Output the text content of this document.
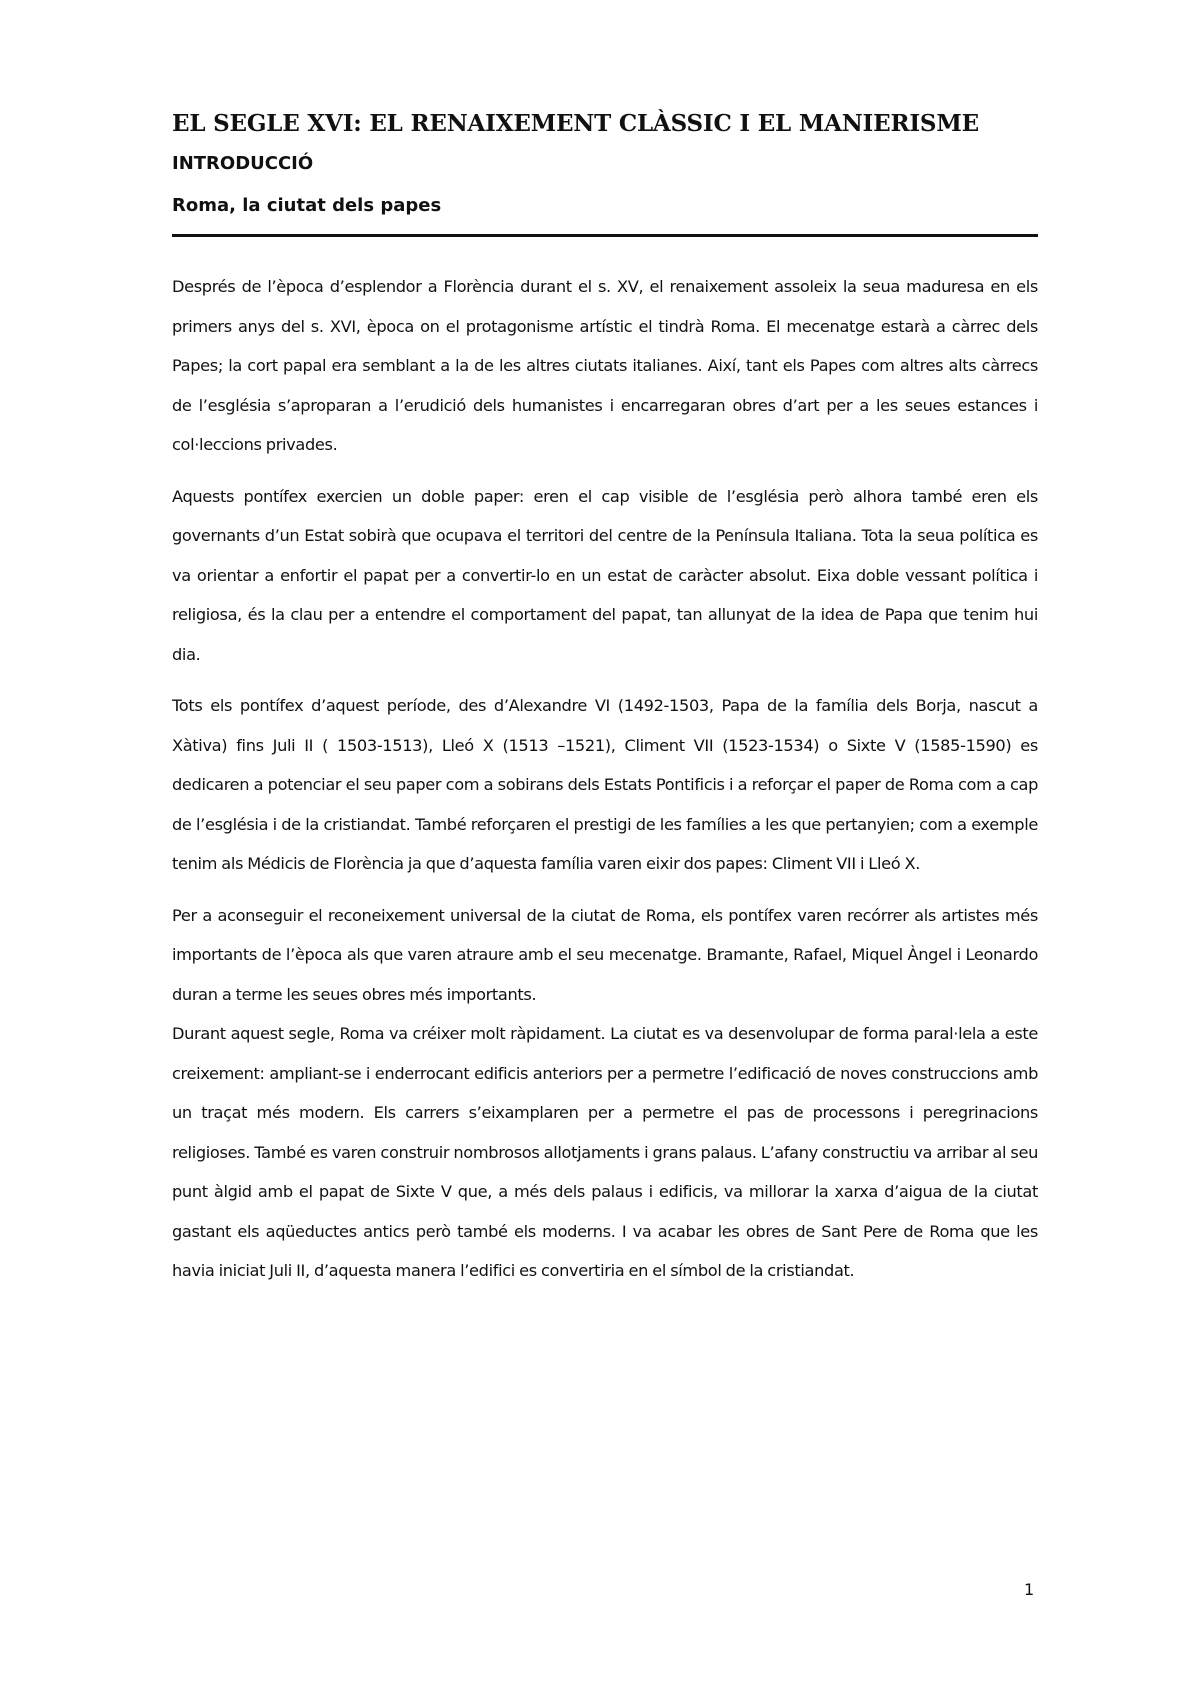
EL SEGLE XVI: EL RENAIXEMENT CLÀSSIC I EL MANIERISME
INTRODUCCIÓ
Roma, la ciutat dels papes

Després de l’època d’esplendor a Florència durant el s. XV, el renaixement assoleix la seua maduresa en els primers anys del s. XVI, època on el protagonisme artístic el tindrà Roma. El mecenatge estarà a càrrec dels Papes; la cort papal era semblant a la de les altres ciutats italianes. Així, tant els Papes com altres alts càrrecs de l’església s’aproparan a l’erudició dels humanistes i encarregaran obres d’art per a les seues estances i col·leccions privades.

Aquests pontífex exercien un doble paper: eren el cap visible de l’església però alhora també eren els governants d’un Estat sobirà que ocupava el territori del centre de la Península Italiana. Tota la seua política es va orientar a enfortir el papat per a convertir-lo en un estat de caràcter absolut. Eixa doble vessant política i religiosa, és la clau per a entendre el comportament del papat, tan allunyat de la idea de Papa que tenim hui dia.

Tots els pontífex d’aquest període, des d’Alexandre VI (1492-1503, Papa de la família dels Borja, nascut a Xàtiva) fins Juli II ( 1503-1513), Lleó X (1513 –1521), Climent VII (1523-1534) o Sixte V (1585-1590) es dedicaren a potenciar el seu paper com a sobirans dels Estats Pontificis i a reforçar el paper de Roma com a cap de l’església i de la cristiandat. També reforçaren el prestigi de les famílies a les que pertanyien; com a exemple tenim als Médicis de Florència ja que d’aquesta família varen eixir dos papes: Climent VII i Lleó X.

Per a aconseguir el reconeixement universal de la ciutat de Roma, els pontífex varen recórrer als artistes més importants de l’època als que varen atraure amb el seu mecenatge. Bramante, Rafael, Miquel Àngel i Leonardo duran a terme les seues obres més importants.

Durant aquest segle, Roma va créixer molt ràpidament. La ciutat es va desenvolupar de forma paral·lela a este creixement: ampliant-se i enderrocant edificis anteriors per a permetre l’edificació de noves construccions amb un traçat més modern. Els carrers s’eixamplaren per a permetre el pas de processons i peregrinacions religioses. També es varen construir nombrosos allotjaments i grans palaus. L’afany constructiu va arribar al seu punt àlgid amb el papat de Sixte V que, a més dels palaus i edificis, va millorar la xarxa d’aigua de la ciutat gastant els aqüeductes antics però també els moderns. I va acabar les obres de Sant Pere de Roma que les havia iniciat Juli II, d’aquesta manera l’edifici es convertiria en el símbol de la cristiandat.

1
